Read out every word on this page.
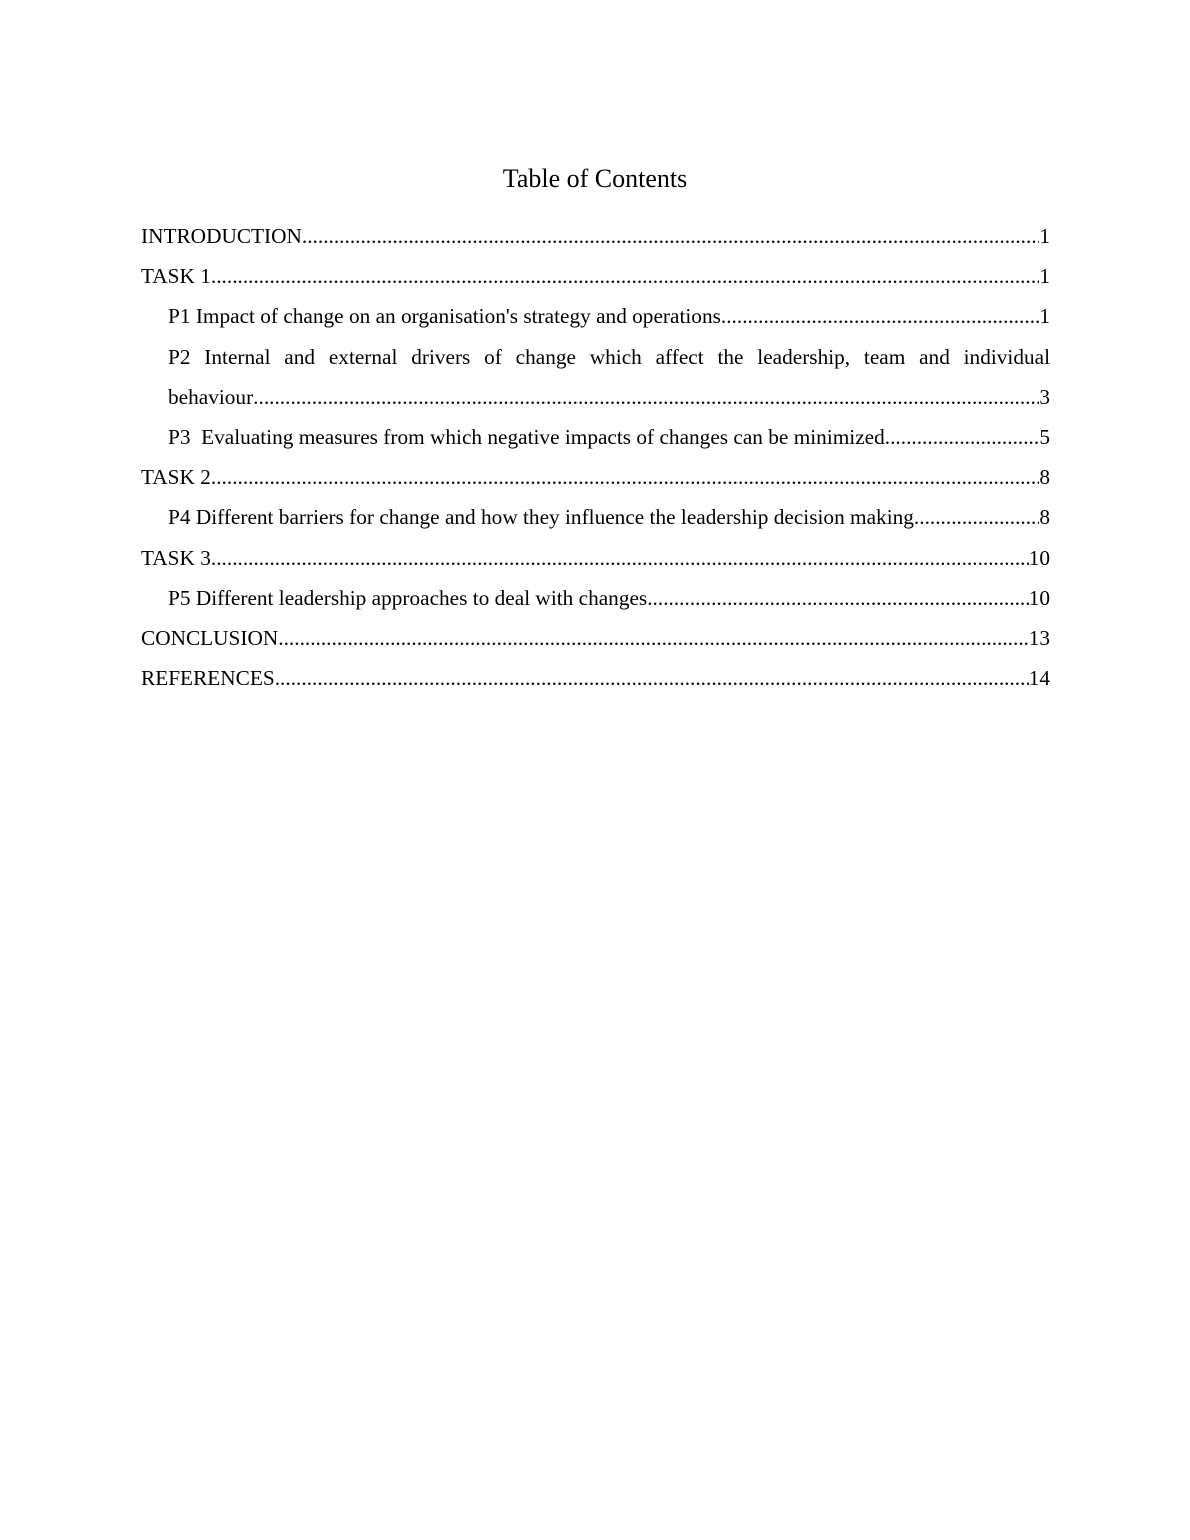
Table of Contents
INTRODUCTION .....	1
TASK 1 .....	1
P1 Impact of change on an organisation's strategy and operations .....	1
P2 Internal and external drivers of change which affect the leadership, team and individual
behaviour .....	3
P3  Evaluating measures from which negative impacts of changes can be minimized .....	5
TASK 2 .....	8
P4 Different barriers for change and how they influence the leadership decision making .....	8
TASK 3 .....	10
P5 Different leadership approaches to deal with changes .....	10
CONCLUSION .....	13
REFERENCES .....	14
